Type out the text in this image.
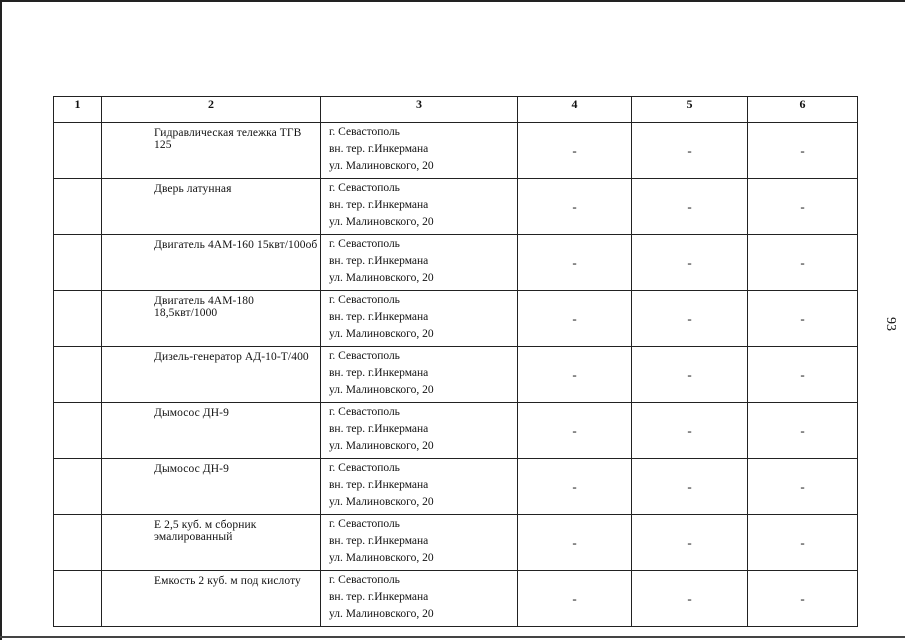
93
1	2	3	4	5	6
	Гидравлическая тележка ТГВ 125	г. Севастополь
вн. тер. г.Инкермана
ул. Малиновского, 20	-	-	-
	Дверь латунная	г. Севастополь
вн. тер. г.Инкермана
ул. Малиновского, 20	-	-	-
	Двигатель 4АМ-160 15квт/100об	г. Севастополь
вн. тер. г.Инкермана
ул. Малиновского, 20	-	-	-
	Двигатель 4АМ-180 18,5квт/1000	г. Севастополь
вн. тер. г.Инкермана
ул. Малиновского, 20	-	-	-
	Дизель-генератор АД-10-Т/400	г. Севастополь
вн. тер. г.Инкермана
ул. Малиновского, 20	-	-	-
	Дымосос ДН-9	г. Севастополь
вн. тер. г.Инкермана
ул. Малиновского, 20	-	-	-
	Дымосос ДН-9	г. Севастополь
вн. тер. г.Инкермана
ул. Малиновского, 20	-	-	-
	Е 2,5 куб. м сборник эмалированный	г. Севастополь
вн. тер. г.Инкермана
ул. Малиновского, 20	-	-	-
	Емкость 2 куб. м под кислоту	г. Севастополь
вн. тер. г.Инкермана
ул. Малиновского, 20	-	-	-
